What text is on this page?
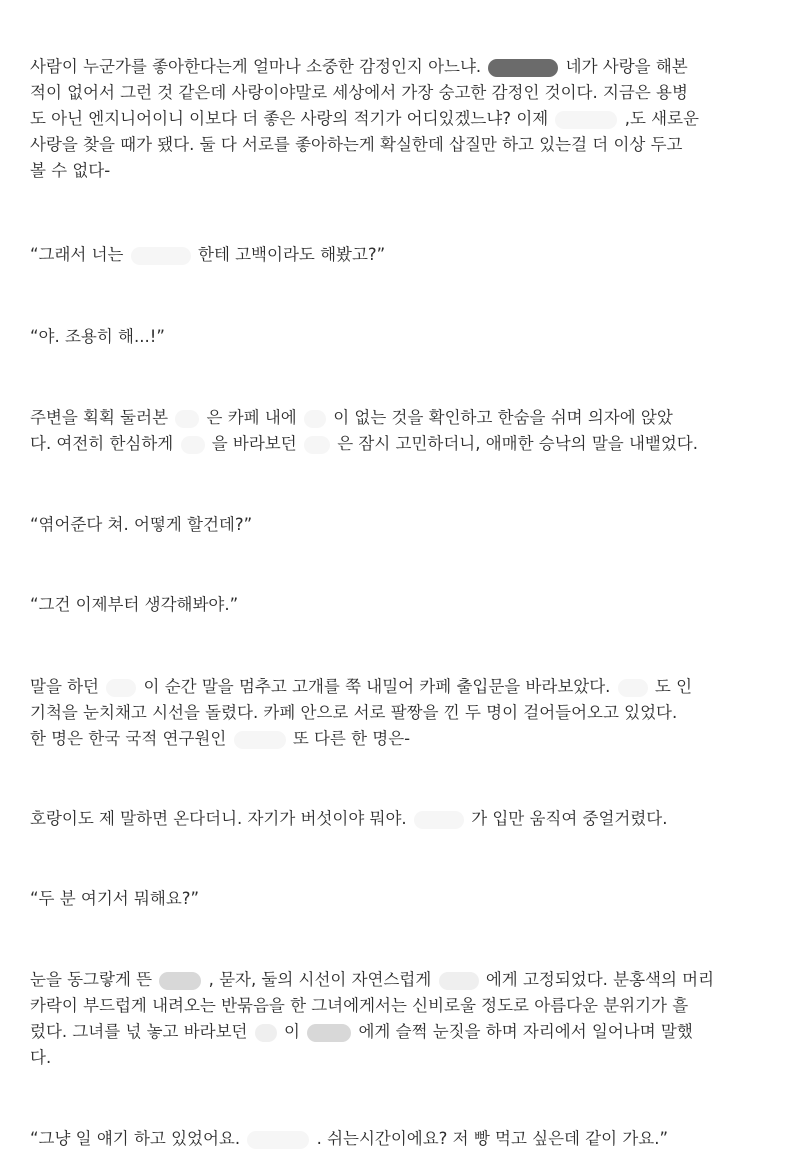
사람이 누군가를 좋아한다는게 얼마나 소중한 감정인지 아느냐.	네가 사랑을 해본
적이 없어서 그런 것 같은데 사랑이야말로 세상에서 가장 숭고한 감정인 것이다. 지금은 용병
도 아닌 엔지니어이니 이보다 더 좋은 사랑의 적기가 어디있겠느냐? 이제	,도 새로운
사랑을 찾을 때가 됐다. 둘 다 서로를 좋아하는게 확실한데 삽질만 하고 있는걸 더 이상 두고
볼 수 없다-
“그래서 너는	한테 고백이라도 해봤고?”
“야. 조용히 해...!”
주변을 획획 둘러본 은 카페 내에 이 없는 것을 확인하고 한숨을 쉬며 의자에 앉았
다. 여전히 한심하게 을 바라보던 은 잠시 고민하더니, 애매한 승낙의 말을 내뱉었다.
“엮어준다 쳐. 어떻게 할건데?”
“그건 이제부터 생각해봐야.”
말을 하던	이 순간 말을 멈추고 고개를 쭉 내밀어 카페 출입문을 바라보았다.	도 인
기척을 눈치채고 시선을 돌렸다. 카페 안으로 서로 팔짱을 낀 두 명이 걸어들어오고 있었다.
한 명은 한국 국적 연구원인	또 다른 한 명은-
호랑이도 제 말하면 온다더니. 자기가 버섯이야 뭐야.	가 입만 움직여 중얼거렸다.
“두 분 여기서 뭐해요?”
눈을 동그랗게 뜬	, 묻자, 둘의 시선이 자연스럽게	에게 고정되었다. 분홍색의 머리
카락이 부드럽게 내려오는 반묶음을 한 그녀에게서는 신비로울 정도로 아름다운 분위기가 흘
렀다. 그녀를 넋 놓고 바라보던 이	에게 슬쩍 눈짓을 하며 자리에서 일어나며 말했
다.
“그냥 일 얘기 하고 있었어요.	. 쉬는시간이에요? 저 빵 먹고 싶은데 같이 가요.”
